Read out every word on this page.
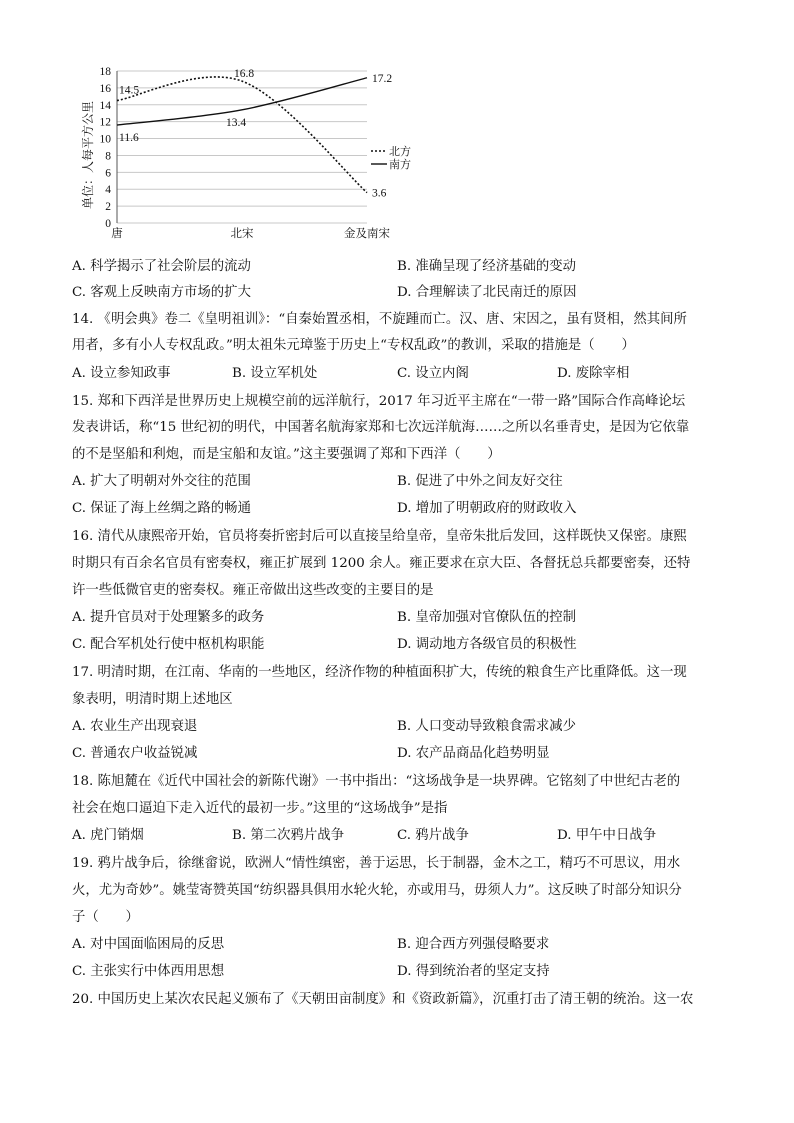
0
2
4
6
8
10
12
14
16
18
唐	北宋	金及南宋
14.5
16.8	17.2
11.6
13.4
3.6
北方
南方
单位：人每平方公里
A. 科学揭示了社会阶层的流动	B. 准确呈现了经济基础的变动
C. 客观上反映南方市场的扩大	D. 合理解读了北民南迁的原因
14. 《明会典》卷二《皇明祖训》：“自秦始置丞相，不旋踵而亡。汉、唐、宋因之，虽有贤相，然其间所
用者，多有小人专权乱政。”明太祖朱元璋鉴于历史上“专权乱政”的教训，采取的措施是（　　）
A. 设立参知政事	B. 设立军机处	C. 设立内阁	D. 废除宰相
15. 郑和下西洋是世界历史上规模空前的远洋航行，2017 年习近平主席在“一带一路”国际合作高峰论坛
发表讲话，称“15 世纪初的明代，中国著名航海家郑和七次远洋航海……之所以名垂青史，是因为它依靠
的不是坚船和利炮，而是宝船和友谊。”这主要强调了郑和下西洋（　　）
A. 扩大了明朝对外交往的范围	B. 促进了中外之间友好交往
C. 保证了海上丝绸之路的畅通	D. 增加了明朝政府的财政收入
16. 清代从康熙帝开始，官员将奏折密封后可以直接呈给皇帝，皇帝朱批后发回，这样既快又保密。康熙
时期只有百余名官员有密奏权，雍正扩展到 1200 余人。雍正要求在京大臣、各督抚总兵都要密奏，还特
许一些低微官吏的密奏权。雍正帝做出这些改变的主要目的是
A. 提升官员对于处理繁多的政务	B. 皇帝加强对官僚队伍的控制
C. 配合军机处行使中枢机构职能	D. 调动地方各级官员的积极性
17. 明清时期，在江南、华南的一些地区，经济作物的种植面积扩大，传统的粮食生产比重降低。这一现
象表明，明清时期上述地区
A. 农业生产出现衰退	B. 人口变动导致粮食需求减少
C. 普通农户收益锐减	D. 农产品商品化趋势明显
18. 陈旭麓在《近代中国社会的新陈代谢》一书中指出：“这场战争是一块界碑。它铭刻了中世纪古老的
社会在炮口逼迫下走入近代的最初一步。”这里的“这场战争”是指
A. 虎门销烟	B. 第二次鸦片战争	C. 鸦片战争	D. 甲午中日战争
19. 鸦片战争后，徐继畲说，欧洲人“情性缜密，善于运思，长于制器，金木之工，精巧不可思议，用水
火，尤为奇妙”。姚莹寄赞英国“纺织器具俱用水轮火轮，亦或用马，毋须人力”。这反映了时部分知识分
子（　　）
A. 对中国面临困局的反思	B. 迎合西方列强侵略要求
C. 主张实行中体西用思想	D. 得到统治者的坚定支持
20. 中国历史上某次农民起义颁布了《天朝田亩制度》和《资政新篇》，沉重打击了清王朝的统治。这一农
